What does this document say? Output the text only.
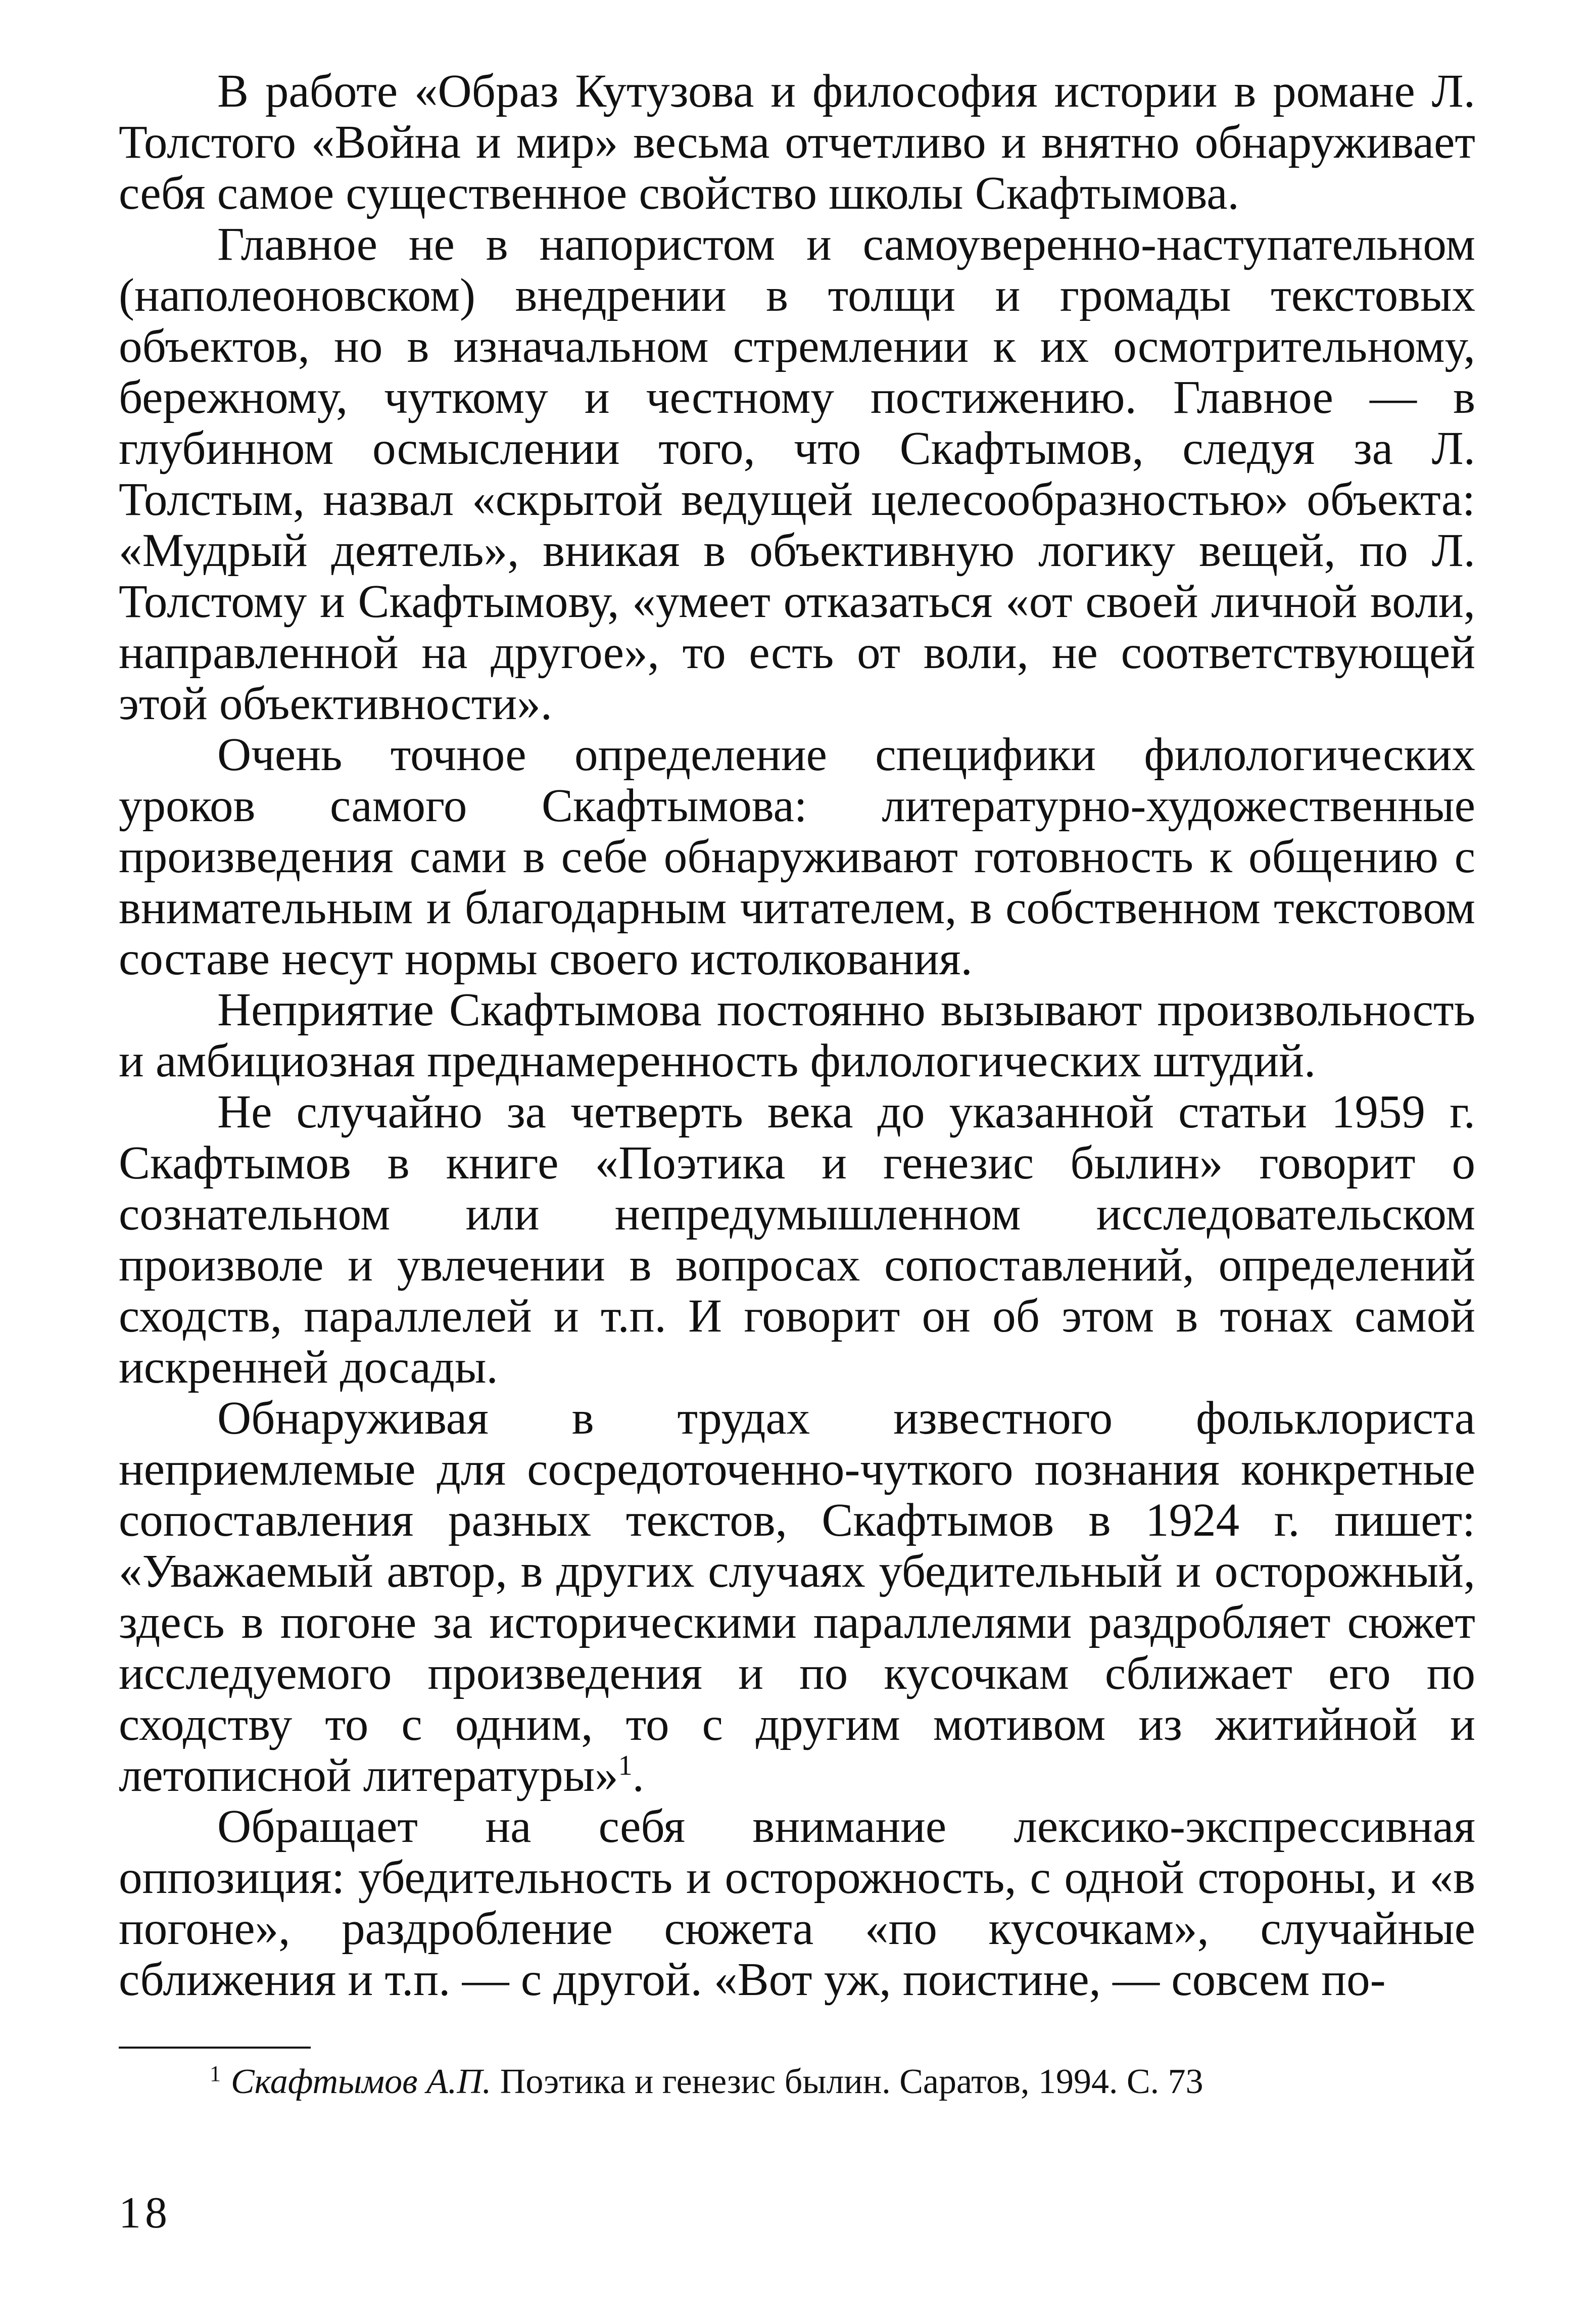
В работе «Образ Кутузова и философия истории в романе Л. Толстого «Война и мир» весьма отчетливо и внятно обнаруживает себя самое существенное свойство школы Скафтымова.

Главное не в напористом и самоуверенно-наступательном (наполеоновском) внедрении в толщи и громады текстовых объектов, но в изначальном стремлении к их осмотрительному, бережному, чуткому и честному постижению. Главное — в глубинном осмыслении того, что Скафтымов, следуя за Л. Толстым, назвал «скрытой ведущей целесообразностью» объекта: «Мудрый деятель», вникая в объективную логику вещей, по Л. Толстому и Скафтымову, «умеет отказаться «от своей личной воли, направленной на другое», то есть от воли, не соответствующей этой объективности».

Очень точное определение специфики филологических уроков самого Скафтымова: литературно-художественные произведения сами в себе обнаруживают готовность к общению с внимательным и благодарным читателем, в собственном текстовом составе несут нормы своего истолкования.

Неприятие Скафтымова постоянно вызывают произвольность и амбициозная преднамеренность филологических штудий.

Не случайно за четверть века до указанной статьи 1959 г. Скафтымов в книге «Поэтика и генезис былин» говорит о сознательном или непредумышленном исследовательском произволе и увлечении в вопросах сопоставлений, определений сходств, параллелей и т.п. И говорит он об этом в тонах самой искренней досады.

Обнаруживая в трудах известного фольклориста неприемлемые для сосредоточенно-чуткого познания конкретные сопоставления разных текстов, Скафтымов в 1924 г. пишет: «Уважаемый автор, в других случаях убедительный и осторожный, здесь в погоне за историческими параллелями раздробляет сюжет исследуемого произведения и по кусочкам сближает его по сходству то с одним, то с другим мотивом из житийной и летописной литературы»$^1$.

Обращает на себя внимание лексико-экспрессивная оппозиция: убедительность и осторожность, с одной стороны, и «в погоне», раздробление сюжета «по кусочкам», случайные сближения и т.п. — с другой. «Вот уж, поистине, — совсем по-

$^1$ Скафтымов А.П. Поэтика и генезис былин. Саратов, 1994. С. 73
18
